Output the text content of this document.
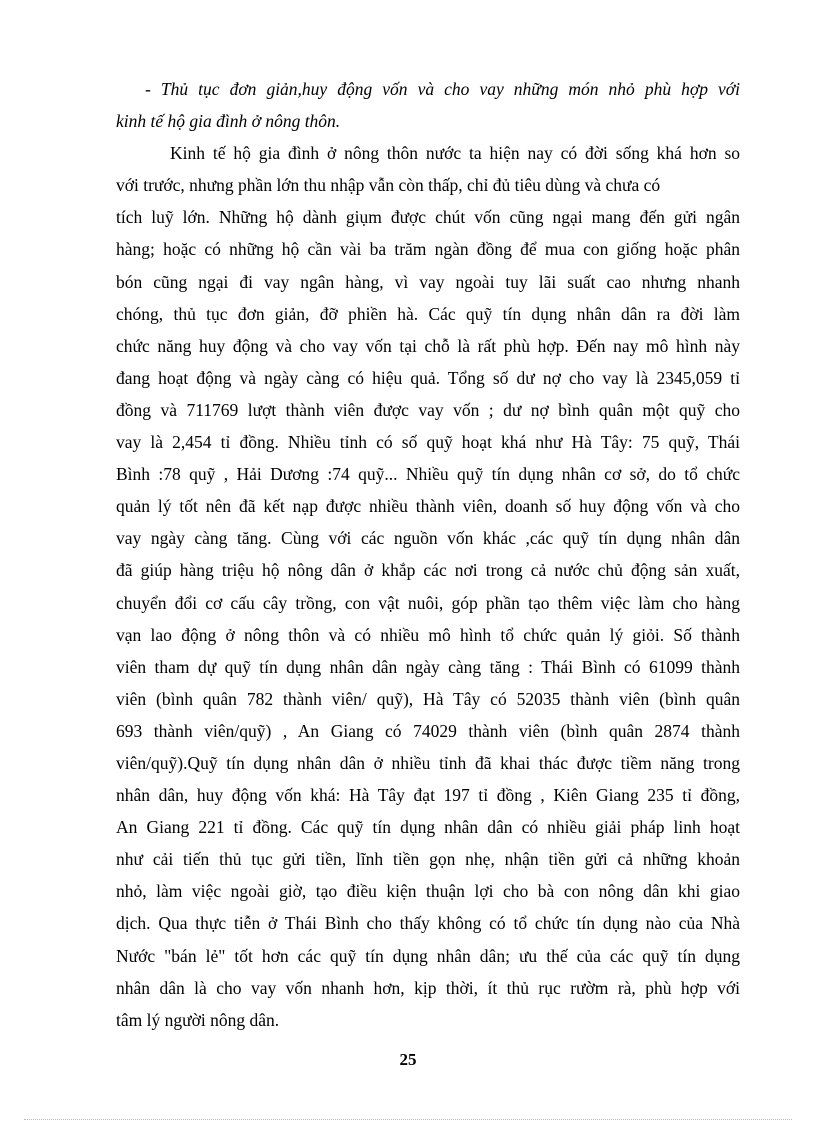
- Thủ tục đơn giản,huy động vốn và cho vay những món nhỏ phù hợp với
kinh tế hộ gia đình ở nông thôn.
Kinh tế hộ gia đình ở nông thôn nước ta hiện nay có đời sống khá hơn so
với trước, nhưng phần lớn thu nhập vẫn còn thấp, chỉ đủ tiêu dùng và chưa có
tích luỹ lớn. Những hộ dành giụm được chút vốn cũng ngại mang đến gửi ngân
hàng; hoặc có những hộ cần vài ba trăm ngàn đồng để mua con giống hoặc phân
bón cũng ngại đi vay ngân hàng, vì vay ngoài tuy lãi suất cao nhưng nhanh
chóng, thủ tục đơn giản, đỡ phiền hà. Các quỹ tín dụng nhân dân ra đời làm
chức năng huy động và cho vay vốn tại chỗ là rất phù hợp. Đến nay mô hình này
đang hoạt động và ngày càng có hiệu quả. Tổng số dư nợ cho vay là 2345,059 tỉ
đồng và 711769 lượt thành viên được vay vốn ; dư nợ bình quân một quỹ cho
vay là 2,454 tỉ đồng. Nhiều tỉnh có số quỹ hoạt khá như Hà Tây: 75 quỹ, Thái
Bình :78 quỹ , Hải Dương :74 quỹ... Nhiều quỹ tín dụng nhân cơ sở, do tổ chức
quản lý tốt nên đã kết nạp được nhiều thành viên, doanh số huy động vốn và cho
vay ngày càng tăng. Cùng với các nguồn vốn khác ,các quỹ tín dụng nhân dân
đã giúp hàng triệu hộ nông dân ở khắp các nơi trong cả nước chủ động sản xuất,
chuyển đổi cơ cấu cây trồng, con vật nuôi, góp phần tạo thêm việc làm cho hàng
vạn lao động ở nông thôn và có nhiều mô hình tổ chức quản lý giỏi. Số thành
viên tham dự quỹ tín dụng nhân dân ngày càng tăng : Thái Bình có 61099 thành
viên (bình quân 782 thành viên/ quỹ), Hà Tây có 52035 thành viên (bình quân
693 thành viên/quỹ) , An Giang có 74029 thành viên (bình quân 2874 thành
viên/quỹ).Quỹ tín dụng nhân dân ở nhiều tỉnh đã khai thác được tiềm năng trong
nhân dân, huy động vốn khá: Hà Tây đạt 197 tỉ đồng , Kiên Giang 235 tỉ đồng,
An Giang 221 tỉ đồng. Các quỹ tín dụng nhân dân có nhiều giải pháp linh hoạt
như cải tiến thủ tục gửi tiền, lĩnh tiền gọn nhẹ, nhận tiền gửi cả những khoản
nhỏ, làm việc ngoài giờ, tạo điều kiện thuận lợi cho bà con nông dân khi giao
dịch. Qua thực tiễn ở Thái Bình cho thấy không có tổ chức tín dụng nào của Nhà
Nước "bán lẻ" tốt hơn các quỹ tín dụng nhân dân; ưu thế của các quỹ tín dụng
nhân dân là cho vay vốn nhanh hơn, kịp thời, ít thủ rục rườm rà, phù hợp với
tâm lý người nông dân.
25
